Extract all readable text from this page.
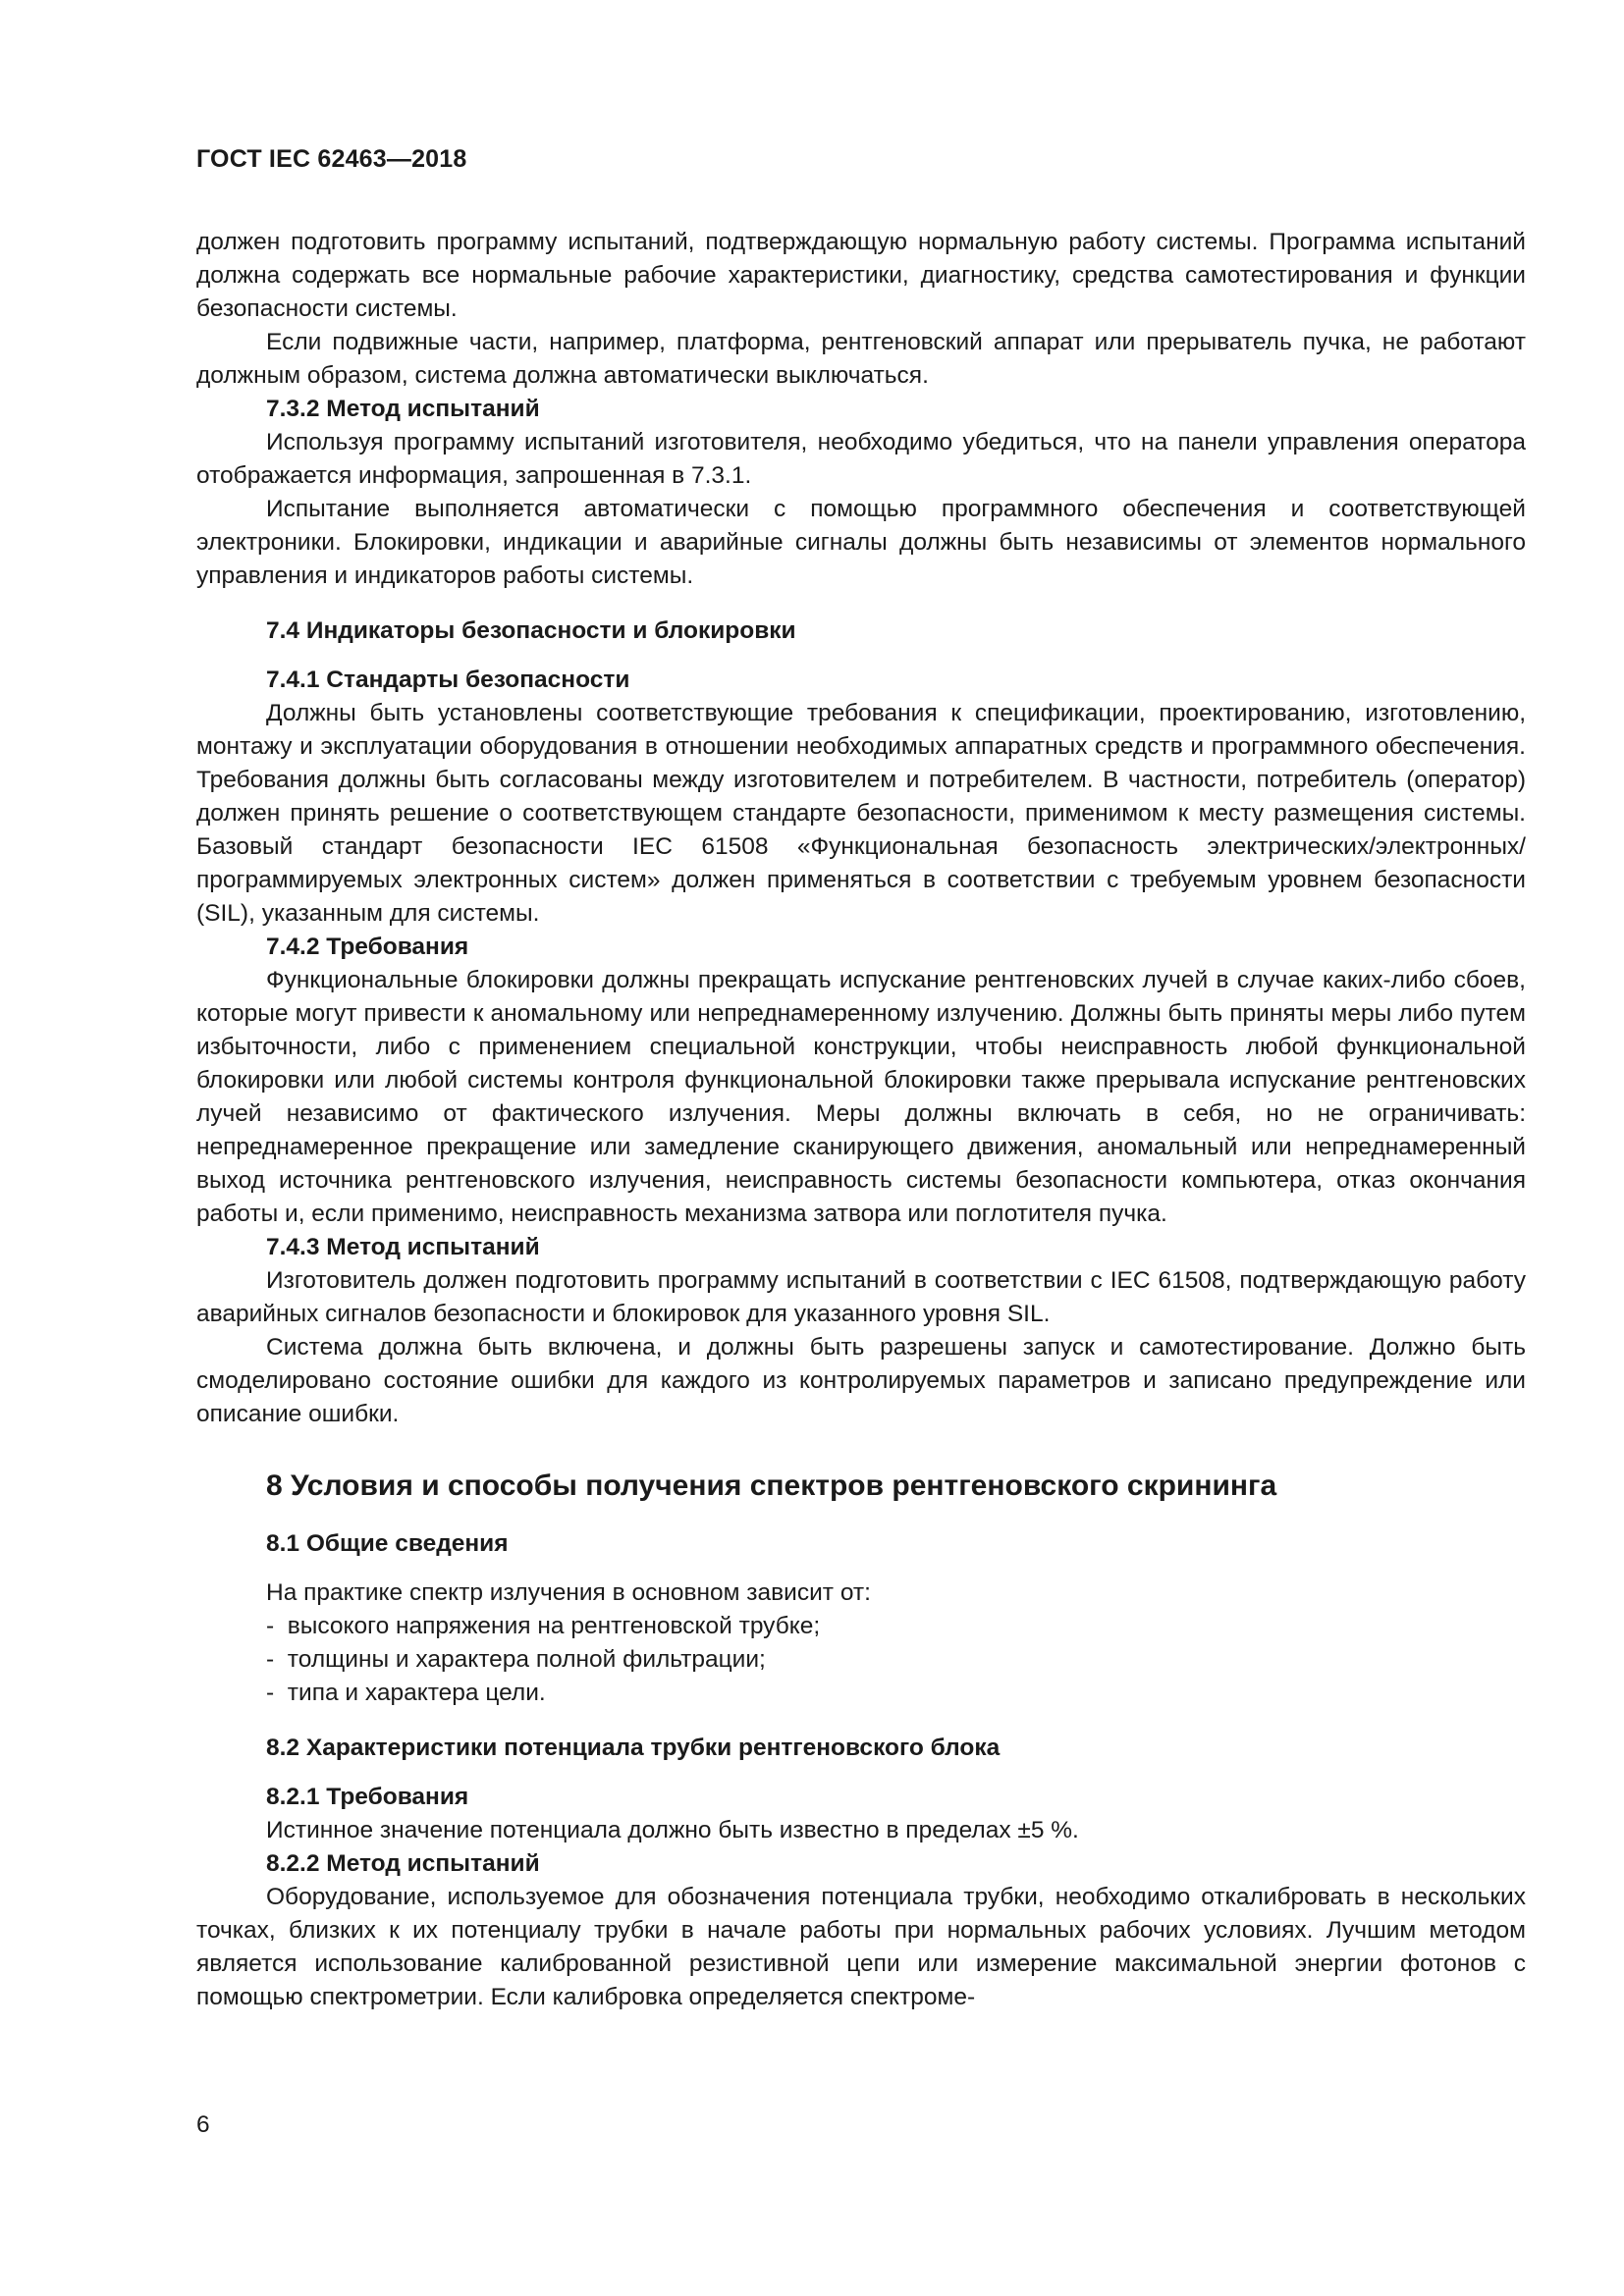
ГОСТ IEC 62463—2018

должен подготовить программу испытаний, подтверждающую нормальную работу системы. Программа испытаний должна содержать все нормальные рабочие характеристики, диагностику, средства самотестирования и функции безопасности системы.

Если подвижные части, например, платформа, рентгеновский аппарат или прерыватель пучка, не работают должным образом, система должна автоматически выключаться.

7.3.2 Метод испытаний

Используя программу испытаний изготовителя, необходимо убедиться, что на панели управления оператора отображается информация, запрошенная в 7.3.1.

Испытание выполняется автоматически с помощью программного обеспечения и соответствующей электроники. Блокировки, индикации и аварийные сигналы должны быть независимы от элементов нормального управления и индикаторов работы системы.

7.4 Индикаторы безопасности и блокировки
7.4.1 Стандарты безопасности

Должны быть установлены соответствующие требования к спецификации, проектированию, изготовлению, монтажу и эксплуатации оборудования в отношении необходимых аппаратных средств и программного обеспечения. Требования должны быть согласованы между изготовителем и потребителем. В частности, потребитель (оператор) должен принять решение о соответствующем стандарте безопасности, применимом к месту размещения системы. Базовый стандарт безопасности IEC 61508 «Функциональная безопасность электрических/электронных/программируемых электронных систем» должен применяться в соответствии с требуемым уровнем безопасности (SIL), указанным для системы.

7.4.2 Требования

Функциональные блокировки должны прекращать испускание рентгеновских лучей в случае каких-либо сбоев, которые могут привести к аномальному или непреднамеренному излучению. Должны быть приняты меры либо путем избыточности, либо с применением специальной конструкции, чтобы неисправность любой функциональной блокировки или любой системы контроля функциональной блокировки также прерывала испускание рентгеновских лучей независимо от фактического излучения. Меры должны включать в себя, но не ограничивать: непреднамеренное прекращение или замедление сканирующего движения, аномальный или непреднамеренный выход источника рентгеновского излучения, неисправность системы безопасности компьютера, отказ окончания работы и, если применимо, неисправность механизма затвора или поглотителя пучка.

7.4.3 Метод испытаний

Изготовитель должен подготовить программу испытаний в соответствии с IEC 61508, подтверждающую работу аварийных сигналов безопасности и блокировок для указанного уровня SIL.

Система должна быть включена, и должны быть разрешены запуск и самотестирование. Должно быть смоделировано состояние ошибки для каждого из контролируемых параметров и записано предупреждение или описание ошибки.

8 Условия и способы получения спектров рентгеновского скрининга
8.1 Общие сведения

На практике спектр излучения в основном зависит от:

-  высокого напряжения на рентгеновской трубке;
-  толщины и характера полной фильтрации;
-  типа и характера цели.
8.2 Характеристики потенциала трубки рентгеновского блока
8.2.1 Требования

Истинное значение потенциала должно быть известно в пределах ±5 %.

8.2.2 Метод испытаний

Оборудование, используемое для обозначения потенциала трубки, необходимо откалибровать в нескольких точках, близких к их потенциалу трубки в начале работы при нормальных рабочих условиях. Лучшим методом является использование калиброванной резистивной цепи или измерение максимальной энергии фотонов с помощью спектрометрии. Если калибровка определяется спектроме-

6
